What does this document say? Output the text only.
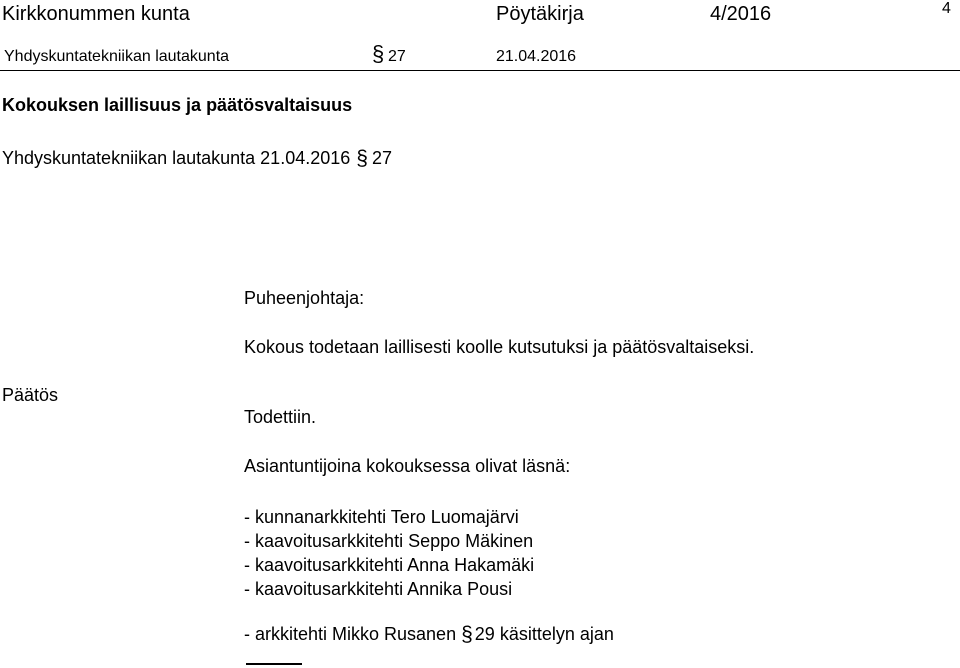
Kirkkonummen kunta	Pöytäkirja	4/2016	4
Yhdyskuntatekniikan lautakunta	§ 27	21.04.2016
Kokouksen laillisuus ja päätösvaltaisuus
Yhdyskuntatekniikan lautakunta 21.04.2016 § 27
Päätös
Puheenjohtaja:
Kokous todetaan laillisesti koolle kutsutuksi ja päätösvaltaiseksi.
Todettiin.
Asiantuntijoina kokouksessa olivat läsnä:
- kunnanarkkitehti Tero Luomajärvi
- kaavoitusarkkitehti Seppo Mäkinen
- kaavoitusarkkitehti Anna Hakamäki
- kaavoitusarkkitehti Annika Pousi
- arkkitehti Mikko Rusanen § 29 käsittelyn ajan
